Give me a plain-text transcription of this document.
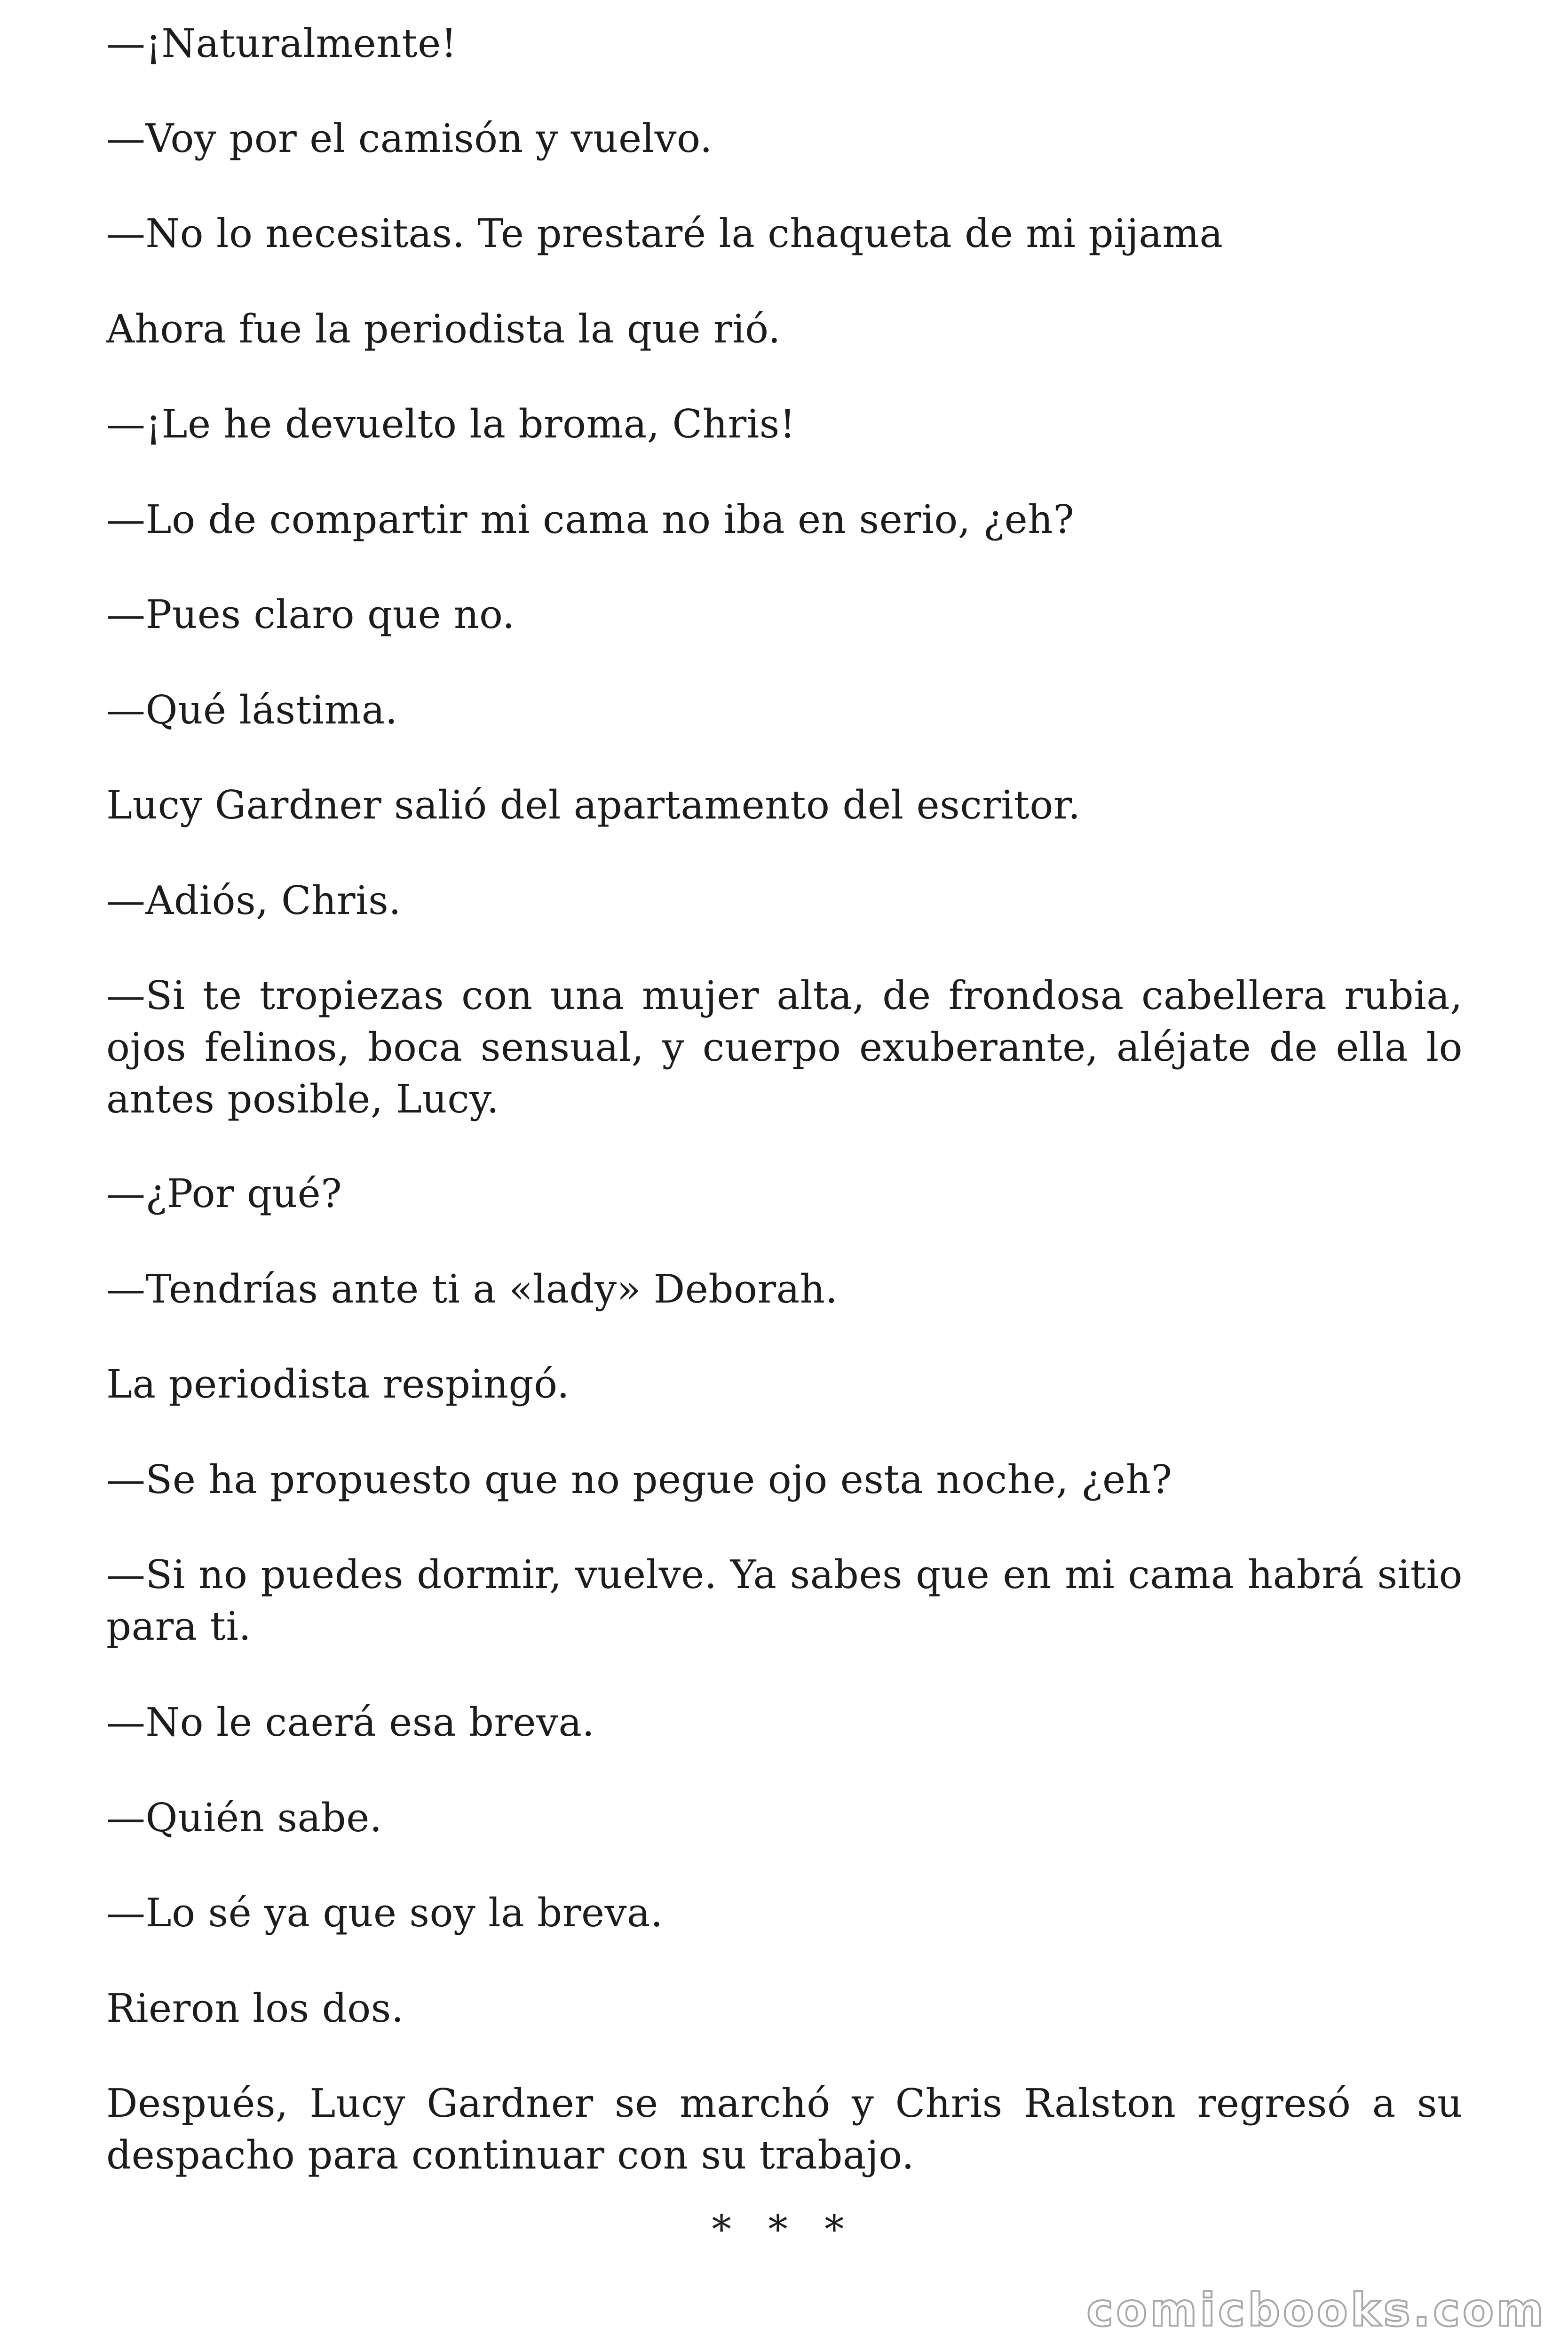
—¡Naturalmente!

—Voy por el camisón y vuelvo.

—No lo necesitas. Te prestaré la chaqueta de mi pijama

Ahora fue la periodista la que rió.

—¡Le he devuelto la broma, Chris!

—Lo de compartir mi cama no iba en serio, ¿eh?

—Pues claro que no.

—Qué lástima.

Lucy Gardner salió del apartamento del escritor.

—Adiós, Chris.

—Si te tropiezas con una mujer alta, de frondosa cabellera rubia, ojos felinos, boca sensual, y cuerpo exuberante, aléjate de ella lo antes posible, Lucy.

—¿Por qué?

—Tendrías ante ti a «lady» Deborah.

La periodista respingó.

—Se ha propuesto que no pegue ojo esta noche, ¿eh?

—Si no puedes dormir, vuelve. Ya sabes que en mi cama habrá sitio para ti.

—No le caerá esa breva.

—Quién sabe.

—Lo sé ya que soy la breva.

Rieron los dos.

Después, Lucy Gardner se marchó y Chris Ralston regresó a su despacho para continuar con su trabajo.

* * *
comicbooks.com
